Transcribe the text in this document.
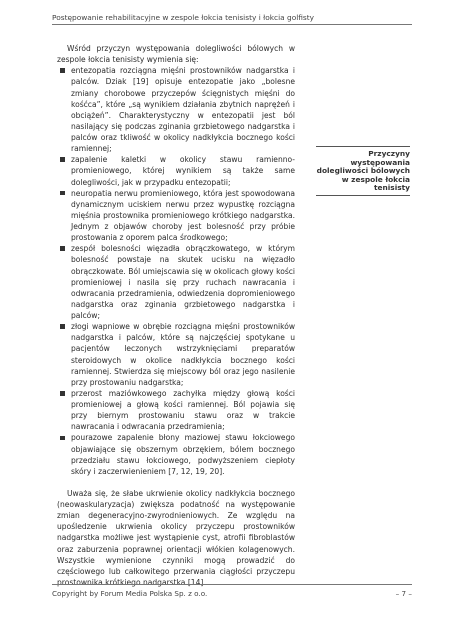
Postępowanie rehabilitacyjne w zespole łokcia tenisisty i łokcia golfisty

Wśród przyczyn występowania dolegliwości bólowych w zespole łokcia tenisisty wymienia się:

entezopatia rozciągna mięśni prostowników nadgarstka i palców. Dziak [19] opisuje entezopatie jako „bolesne zmiany chorobowe przyczepów ścięgnistych mięśni do kośćca”, które „są wynikiem działania zbytnich naprężeń i obciążeń”. Charakterystyczny w entezopatii jest ból nasilający się podczas zginania grzbietowego nadgarstka i palców oraz tkliwość w okolicy nadkłykcia bocznego kości ramiennej;
zapalenie kaletki w okolicy stawu ramienno-promieniowego, której wynikiem są także same dolegliwości, jak w przypadku entezopatii;
neuropatia nerwu promieniowego, która jest spowodowana dynamicznym uciskiem nerwu przez wypustkę rozciągna mięśnia prostownika promieniowego krótkiego nadgarstka. Jednym z objawów choroby jest bolesność przy próbie prostowania z oporem palca środkowego;
zespół bolesności więzadła obrączkowatego, w którym bolesność powstaje na skutek ucisku na więzadło obrączkowate. Ból umiejscawia się w okolicach głowy kości promieniowej i nasila się przy ruchach nawracania i odwracania przedramienia, odwiedzenia dopromieniowego nadgarstka oraz zginania grzbietowego nadgarstka i palców;
złogi wapniowe w obrębie rozciągna mięśni prostowników nadgarstka i palców, które są najczęściej spotykane u pacjentów leczonych wstrzyknięciami preparatów steroidowych w okolice nadkłykcia bocznego kości ramiennej. Stwierdza się miejscowy ból oraz jego nasilenie przy prostowaniu nadgarstka;
przerost maziówkowego zachyłka między głową kości promieniowej a głową kości ramiennej. Ból pojawia się przy biernym prostowaniu stawu oraz w trakcie nawracania i odwracania przedramienia;
pourazowe zapalenie błony maziowej stawu łokciowego objawiające się obszernym obrzękiem, bólem bocznego przedziału stawu łokciowego, podwyższeniem ciepłoty skóry i zaczerwienieniem [7, 12, 19, 20].

Uważa się, że słabe ukrwienie okolicy nadkłykcia bocznego (neowaskularyzacja) zwiększa podatność na występowanie zmian degeneracyjno-zwyrodnieniowych. Ze względu na upośledzenie ukrwienia okolicy przyczepu prostowników nadgarstka możliwe jest wystąpienie cyst, atrofii fibroblastów oraz zaburzenia poprawnej orientacji włókien kolagenowych. Wszystkie wymienione czynniki mogą prowadzić do częściowego lub całkowitego przerwania ciągłości przyczepu prostownika krótkiego nadgarstka [14].

Przyczyny występowania dolegliwości bólowych w zespole łokcia tenisisty
Copyright by Forum Media Polska Sp. z o.o.	– 7 –
